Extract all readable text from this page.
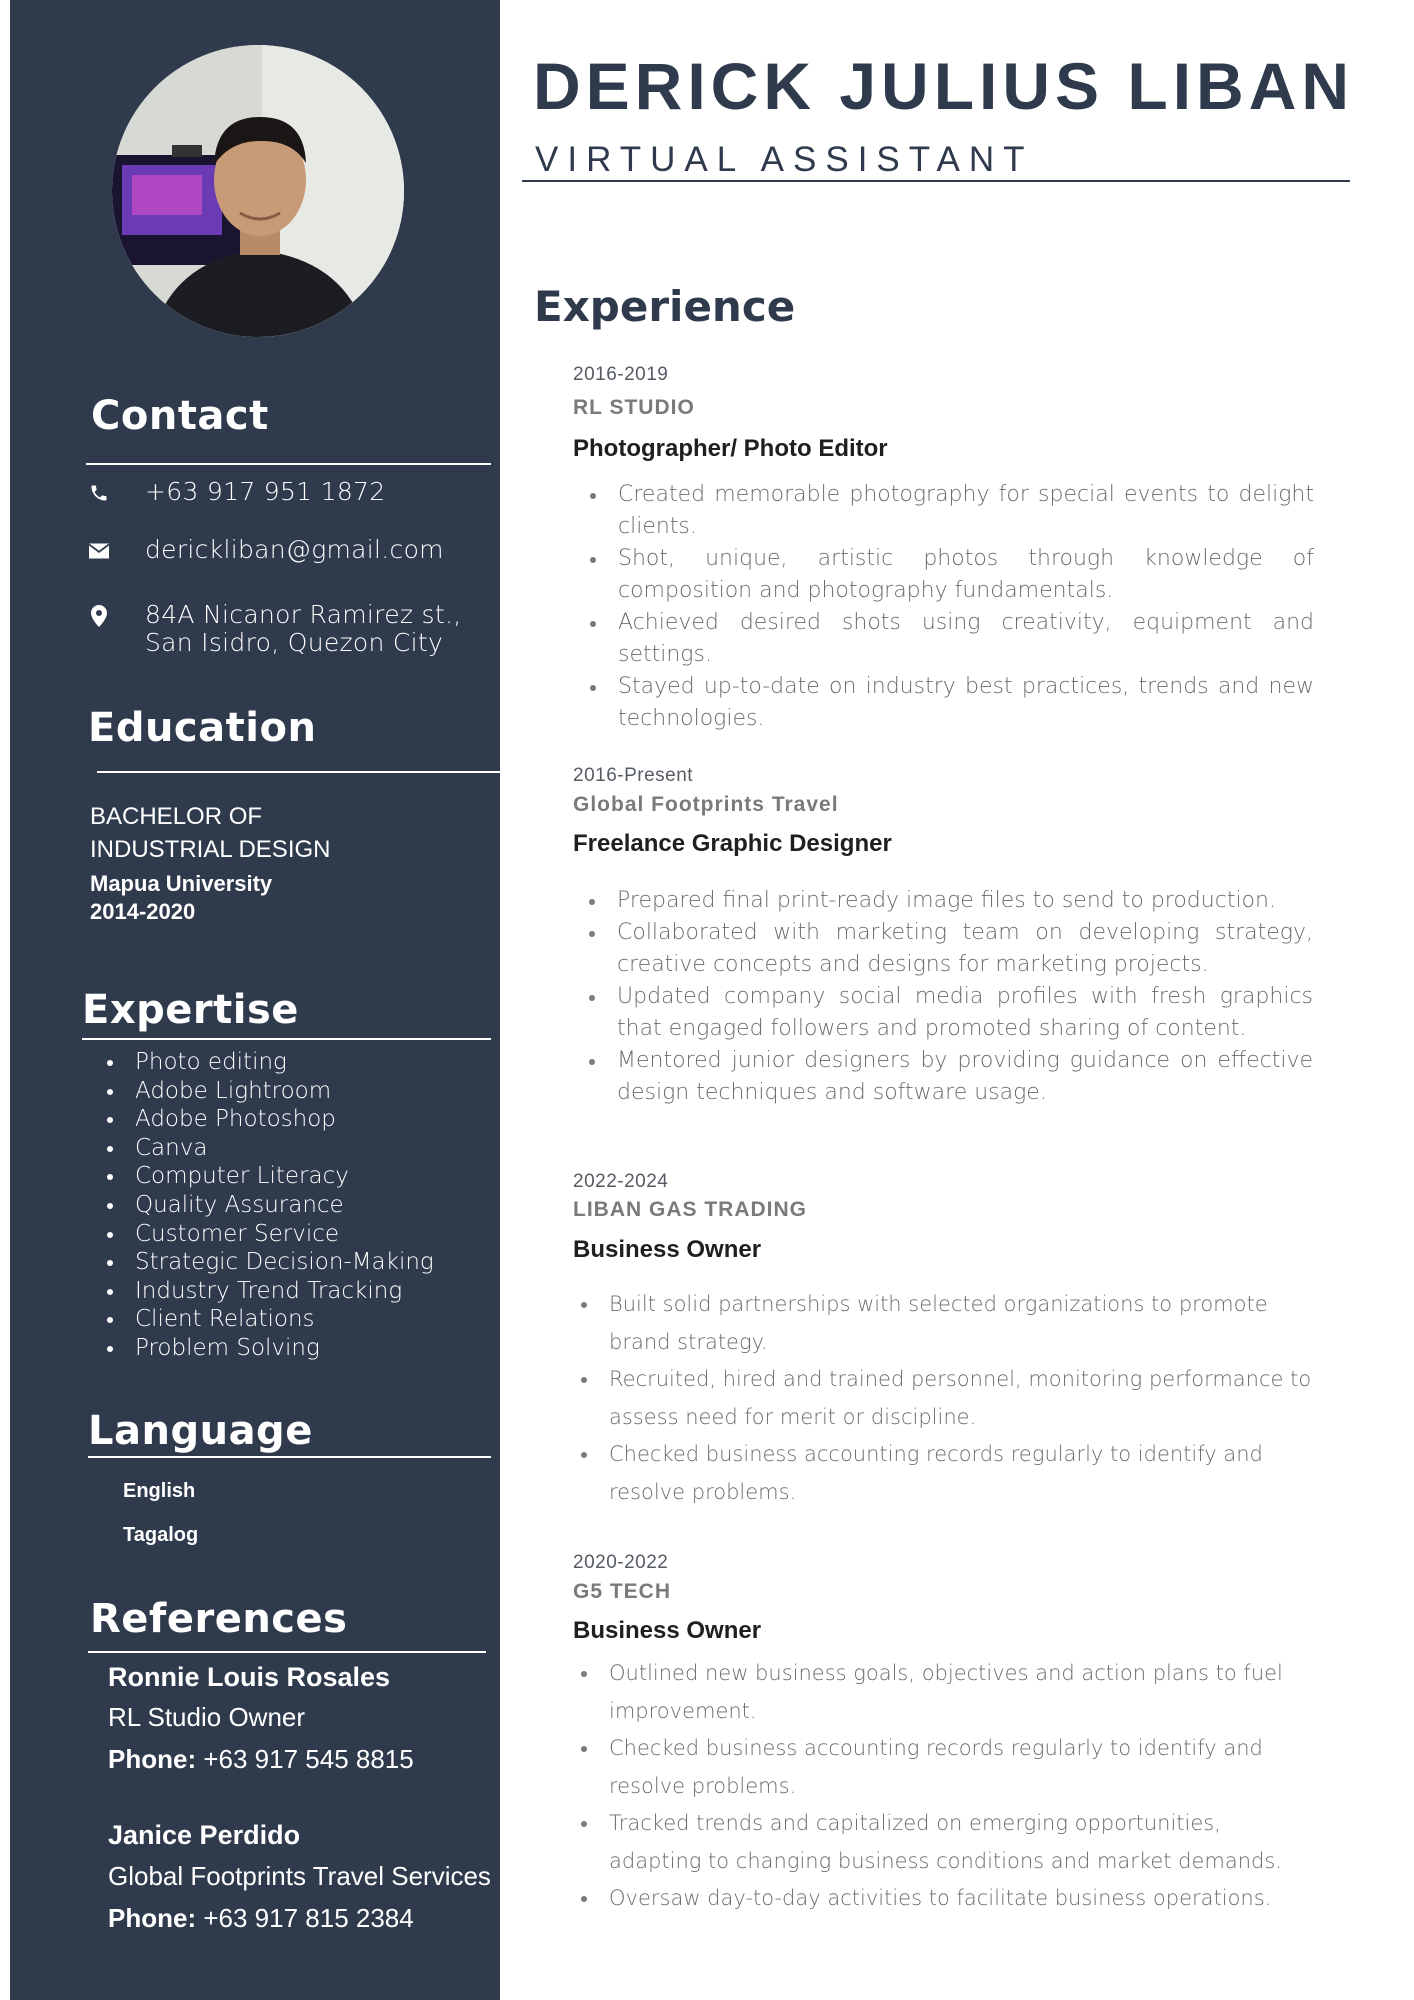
Contact
+63 917 951 1872
derickliban@gmail.com
84A Nicanor Ramirez st.,
San Isidro, Quezon City
Education
BACHELOR OF
INDUSTRIAL DESIGN
Mapua University
2014-2020
Expertise
Photo editing
Adobe Lightroom
Adobe Photoshop
Canva
Computer Literacy
Quality Assurance
Customer Service
Strategic Decision-Making
Industry Trend Tracking
Client Relations
Problem Solving
Language
English
Tagalog
References
Ronnie Louis Rosales
RL Studio Owner
Phone: +63 917 545 8815
Janice Perdido
Global Footprints Travel Services
Phone: +63 917 815 2384
DERICK JULIUS LIBAN
VIRTUAL ASSISTANT
Experience
2016-2019
RL STUDIO
Photographer/ Photo Editor
Created memorable photography for special events to delight clients.
Shot, unique, artistic photos through knowledge of composition and photography fundamentals.
Achieved desired shots using creativity, equipment and settings.
Stayed up-to-date on industry best practices, trends and new technologies.
2016-Present
Global Footprints Travel
Freelance Graphic Designer
Prepared final print-ready image files to send to production.
Collaborated with marketing team on developing strategy, creative concepts and designs for marketing projects.
Updated company social media profiles with fresh graphics that engaged followers and promoted sharing of content.
Mentored junior designers by providing guidance on effective design techniques and software usage.
2022-2024
LIBAN GAS TRADING
Business Owner
Built solid partnerships with selected organizations to promote brand strategy.
Recruited, hired and trained personnel, monitoring performance to assess need for merit or discipline.
Checked business accounting records regularly to identify and resolve problems.
2020-2022
G5 TECH
Business Owner
Outlined new business goals, objectives and action plans to fuel improvement.
Checked business accounting records regularly to identify and resolve problems.
Tracked trends and capitalized on emerging opportunities, adapting to changing business conditions and market demands.
Oversaw day-to-day activities to facilitate business operations.
